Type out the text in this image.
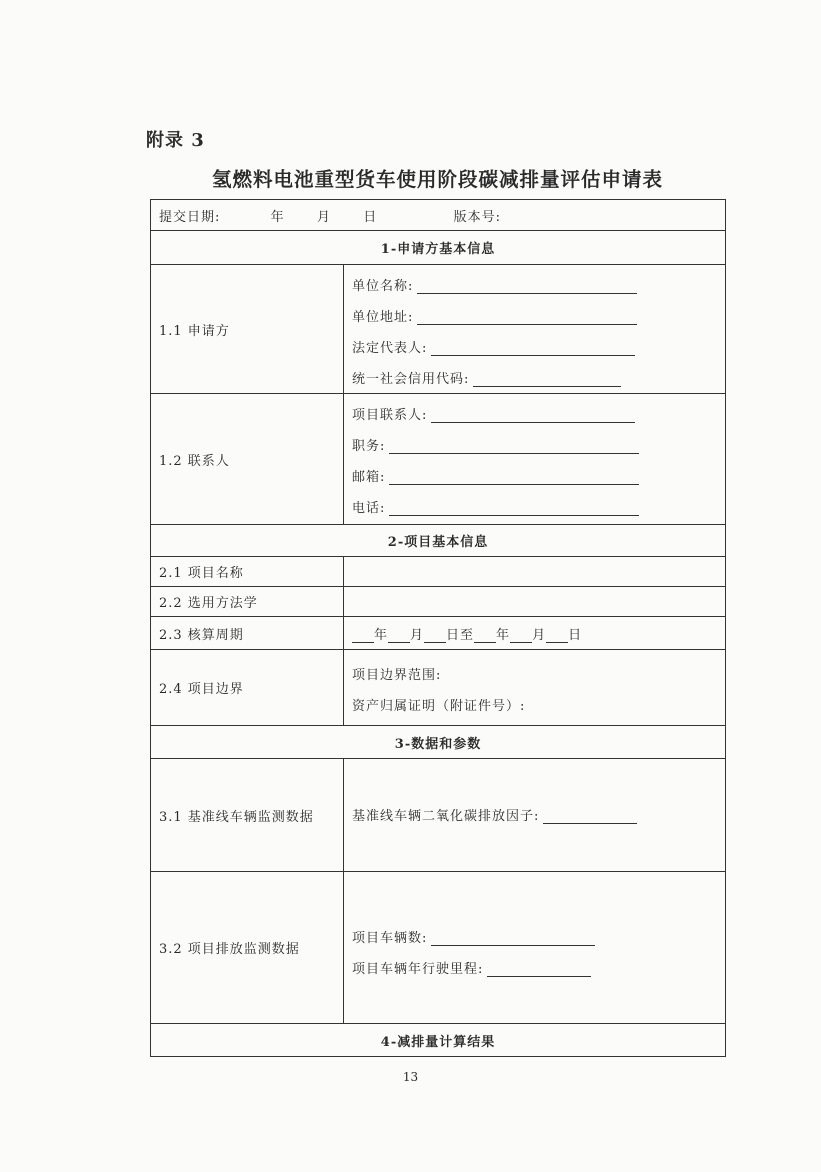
附录 3
氢燃料电池重型货车使用阶段碳减排量评估申请表
提交日期: 年 月 日 版本号:	
1-申请方基本信息	
1.1 申请方	单位名称:
单位地址:
法定代表人:
统一社会信用代码:

1.2 联系人	项目联系人:
职务:
邮箱:
电话:

2-项目基本信息	
2.1 项目名称	
2.2 选用方法学	
2.3 核算周期	年 月 日至 年 月 日
2.4 项目边界	项目边界范围:
资产归属证明（附证件号）:

3-数据和参数	
3.1 基准线车辆监测数据	基准线车辆二氧化碳排放因子:

3.2 项目排放监测数据	项目车辆数:
项目车辆年行驶里程:

4-减排量计算结果	
13
